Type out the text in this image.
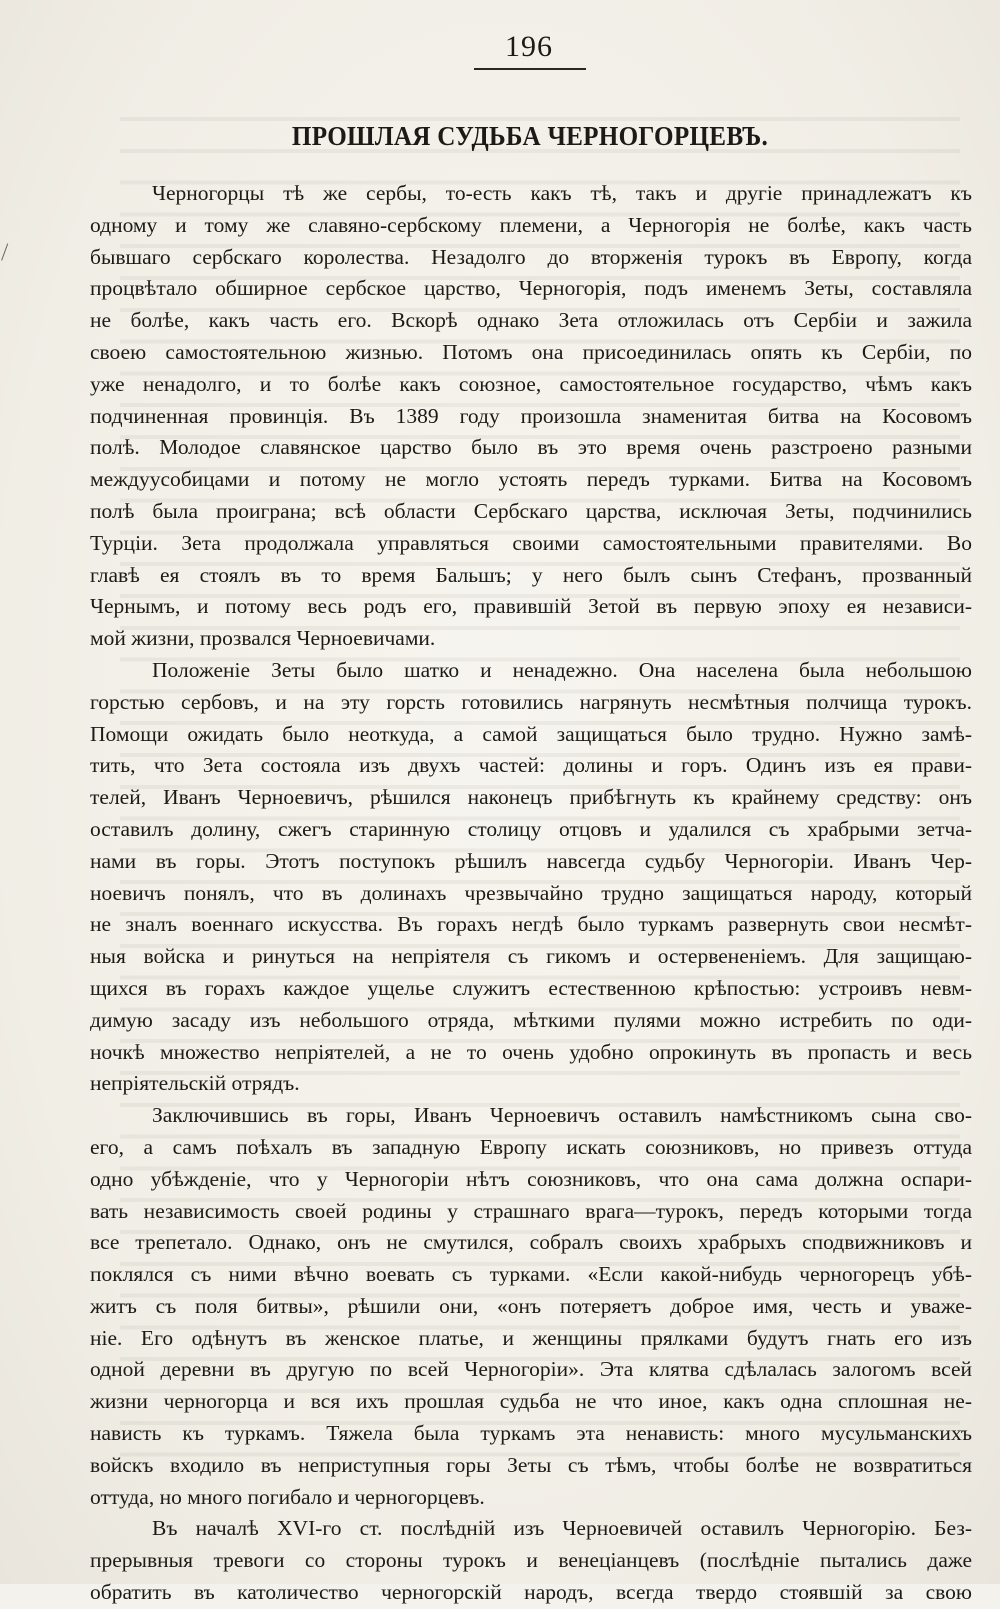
196
ПРОШЛАЯ СУДЬБА ЧЕРНОГОРЦЕВЪ.
Черногорцы тѣ же сербы, то-есть какъ тѣ, такъ и другіе принадлежатъ къ
одному и тому же славяно-сербскому племени, а Черногорія не болѣе, какъ часть
бывшаго сербскаго королества. Незадолго до вторженія турокъ въ Европу, когда
процвѣтало обширное сербское царство, Черногорія, подъ именемъ Зеты, составляла
не болѣе, какъ часть его. Вскорѣ однако Зета отложилась отъ Сербіи и зажила
своею самостоятельною жизнью. Потомъ она присоединилась опять къ Сербіи, по
уже ненадолго, и то болѣе какъ союзное, самостоятельное государство, чѣмъ какъ
подчиненная провинція. Въ 1389 году произошла знаменитая битва на Косовомъ
полѣ. Молодое славянское царство было въ это время очень разстроено разными
междуусобицами и потому не могло устоять передъ турками. Битва на Косовомъ
полѣ была проиграна; всѣ области Сербскаго царства, исключая Зеты, подчинились
Турціи. Зета продолжала управляться своими самостоятельными правителями. Во
главѣ ея стоялъ въ то время Бальшъ; у него былъ сынъ Стефанъ, прозванный
Чернымъ, и потому весь родъ его, правившій Зетой въ первую эпоху ея независи-
мой жизни, прозвался Черноевичами.
Положеніе Зеты было шатко и ненадежно. Она населена была небольшою
горстью сербовъ, и на эту горсть готовились нагрянуть несмѣтныя полчища турокъ.
Помощи ожидать было неоткуда, а самой защищаться было трудно. Нужно замѣ-
тить, что Зета состояла изъ двухъ частей: долины и горъ. Одинъ изъ ея прави-
телей, Иванъ Черноевичъ, рѣшился наконецъ прибѣгнуть къ крайнему средству: онъ
оставилъ долину, сжегъ старинную столицу отцовъ и удалился съ храбрыми зетча-
нами въ горы. Этотъ поступокъ рѣшилъ навсегда судьбу Черногоріи. Иванъ Чер-
ноевичъ понялъ, что въ долинахъ чрезвычайно трудно защищаться народу, который
не зналъ военнаго искусства. Въ горахъ негдѣ было туркамъ развернуть свои несмѣт-
ныя войска и ринуться на непріятеля съ гикомъ и остервененіемъ. Для защищаю-
щихся въ горахъ каждое ущелье служитъ естественною крѣпостью: устроивъ невм-
димую засаду изъ небольшого отряда, мѣткими пулями можно истребить по оди-
ночкѣ множество непріятелей, а не то очень удобно опрокинуть въ пропасть и весь
непріятельскій отрядъ.
Заключившись въ горы, Иванъ Черноевичъ оставилъ намѣстникомъ сына сво-
его, а самъ поѣхалъ въ западную Европу искать союзниковъ, но привезъ оттуда
одно убѣжденіе, что у Черногоріи нѣтъ союзниковъ, что она сама должна оспари-
вать независимость своей родины у страшнаго врага—турокъ, передъ которыми тогда
все трепетало. Однако, онъ не смутился, собралъ своихъ храбрыхъ сподвижниковъ и
поклялся съ ними вѣчно воевать съ турками. «Если какой-нибудь черногорецъ убѣ-
житъ съ поля битвы», рѣшили они, «онъ потеряетъ доброе имя, честь и уваже-
ніе. Его одѣнутъ въ женское платье, и женщины прялками будутъ гнать его изъ
одной деревни въ другую по всей Черногоріи». Эта клятва сдѣлалась залогомъ всей
жизни черногорца и вся ихъ прошлая судьба не что иное, какъ одна сплошная не-
нависть къ туркамъ. Тяжела была туркамъ эта ненависть: много мусульманскихъ
войскъ входило въ неприступныя горы Зеты съ тѣмъ, чтобы болѣе не возвратиться
оттуда, но много погибало и черногорцевъ.
Въ началѣ XVI-го ст. послѣдній изъ Черноевичей оставилъ Черногорію. Без-
прерывныя тревоги со стороны турокъ и венеціанцевъ (послѣдніе пытались даже
обратить въ католичество черногорскій народъ, всегда твердо стоявшій за свою
